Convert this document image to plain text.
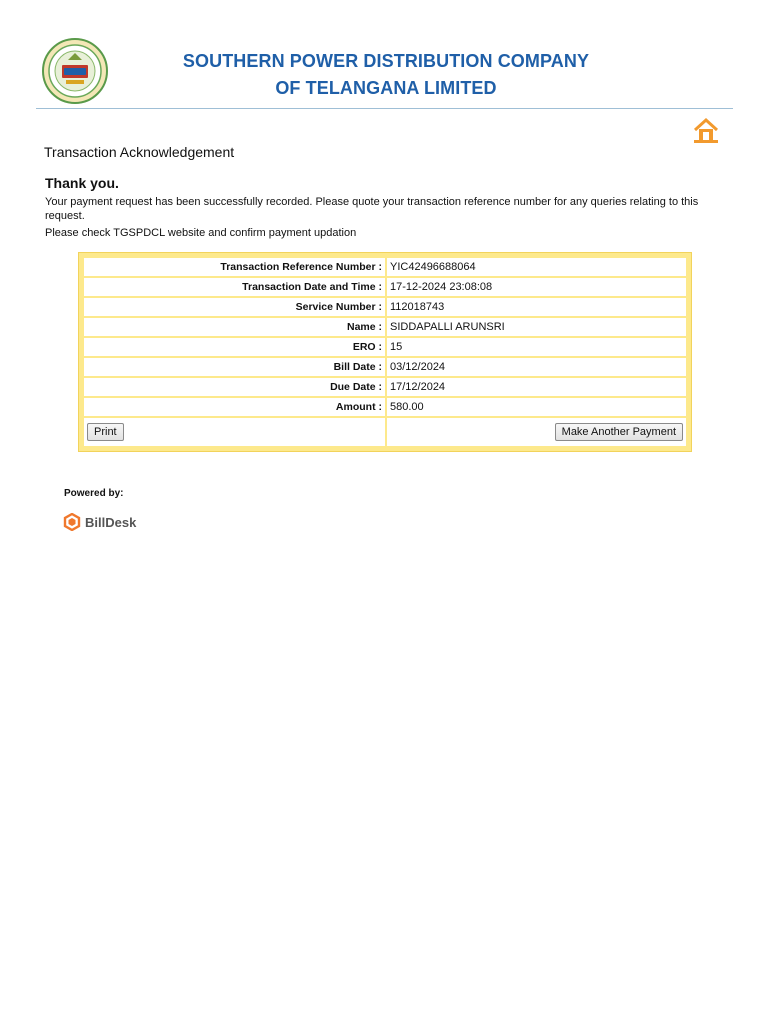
SOUTHERN POWER DISTRIBUTION COMPANY
OF TELANGANA LIMITED
Transaction Acknowledgement
Thank you.
Your payment request has been successfully recorded. Please quote your transaction reference number for any queries relating to this request.
Please check TGSPDCL website and confirm payment updation
Transaction Reference Number :	YIC42496688064
Transaction Date and Time :	17-12-2024 23:08:08
Service Number :	112018743
Name :	SIDDAPALLI ARUNSRI
ERO :	15
Bill Date :	03/12/2024
Due Date :	17/12/2024
Amount :	580.00
Print	Make Another Payment
Powered by:
BillDesk
